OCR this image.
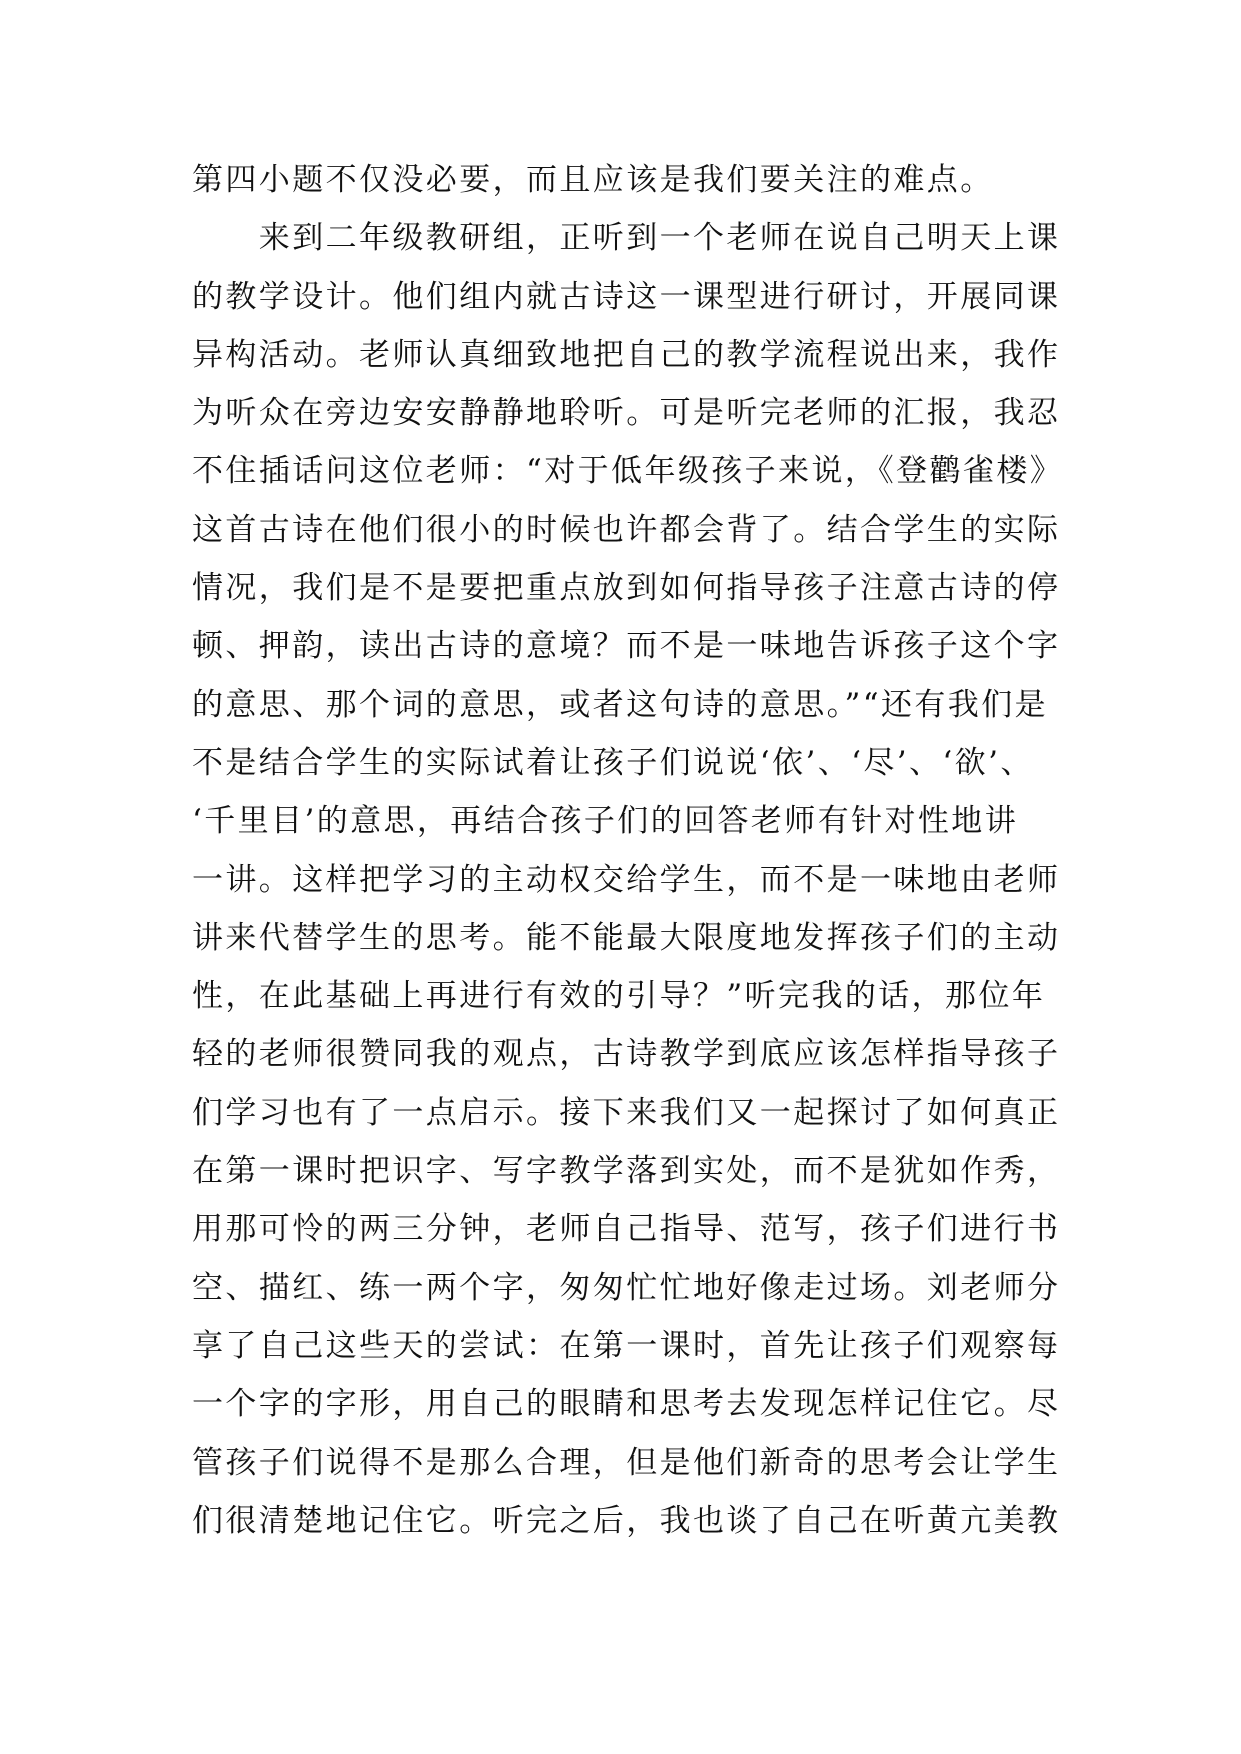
第四小题不仅没必要，而且应该是我们要关注的难点。
　　来到二年级教研组，正听到一个老师在说自己明天上课
的教学设计。他们组内就古诗这一课型进行研讨，开展同课
异构活动。老师认真细致地把自己的教学流程说出来，我作
为听众在旁边安安静静地聆听。可是听完老师的汇报，我忍
不住插话问这位老师：“对于低年级孩子来说，《登鹳雀楼》
这首古诗在他们很小的时候也许都会背了。结合学生的实际
情况，我们是不是要把重点放到如何指导孩子注意古诗的停
顿、押韵，读出古诗的意境？而不是一味地告诉孩子这个字
的意思、那个词的意思，或者这句诗的意思。”“还有我们是
不是结合学生的实际试着让孩子们说说‘依’、‘尽’、‘欲’、
‘千里目’的意思，再结合孩子们的回答老师有针对性地讲
一讲。这样把学习的主动权交给学生，而不是一味地由老师
讲来代替学生的思考。能不能最大限度地发挥孩子们的主动
性，在此基础上再进行有效的引导？”听完我的话，那位年
轻的老师很赞同我的观点，古诗教学到底应该怎样指导孩子
们学习也有了一点启示。接下来我们又一起探讨了如何真正
在第一课时把识字、写字教学落到实处，而不是犹如作秀，
用那可怜的两三分钟，老师自己指导、范写，孩子们进行书
空、描红、练一两个字，匆匆忙忙地好像走过场。刘老师分
享了自己这些天的尝试：在第一课时，首先让孩子们观察每
一个字的字形，用自己的眼睛和思考去发现怎样记住它。尽
管孩子们说得不是那么合理，但是他们新奇的思考会让学生
们很清楚地记住它。听完之后，我也谈了自己在听黄亢美教
